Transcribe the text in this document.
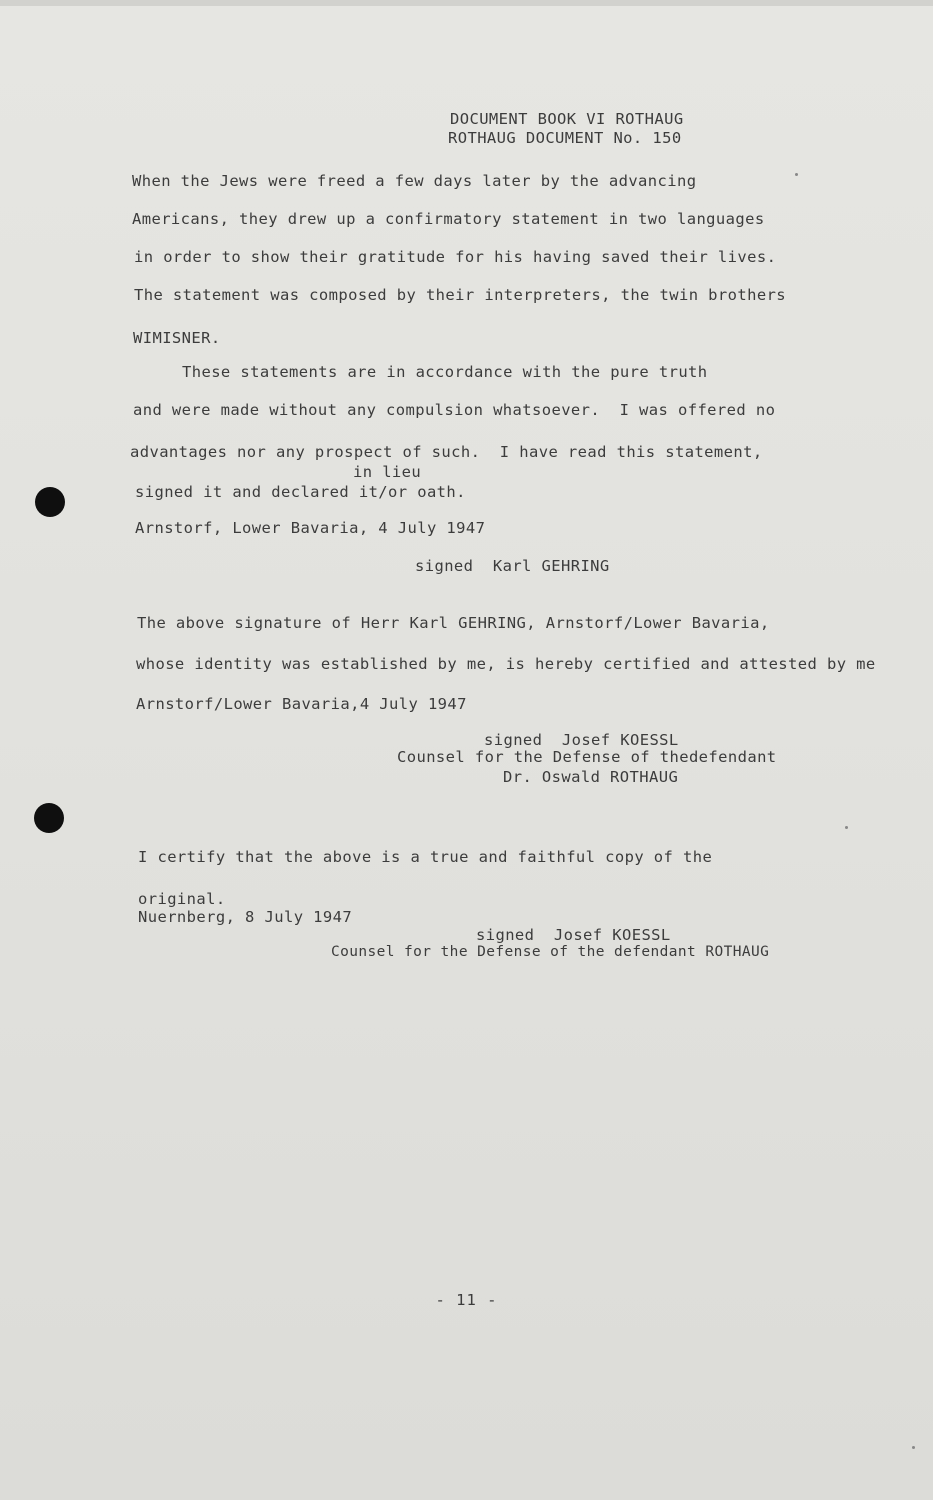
DOCUMENT BOOK VI ROTHAUG
ROTHAUG DOCUMENT No. 150
When the Jews were freed a few days later by the advancing
Americans, they drew up a confirmatory statement in two languages
in order to show their gratitude for his having saved their lives.
The statement was composed by their interpreters, the twin brothers
WIMISNER.
These statements are in accordance with the pure truth
and were made without any compulsion whatsoever.  I was offered no
advantages nor any prospect of such.  I have read this statement,
in lieu
signed it and declared it/or oath.
Arnstorf, Lower Bavaria, 4 July 1947
signed  Karl GEHRING
The above signature of Herr Karl GEHRING, Arnstorf/Lower Bavaria,
whose identity was established by me, is hereby certified and attested by me
Arnstorf/Lower Bavaria,4 July 1947
signed  Josef KOESSL
Counsel for the Defense of thedefendant
Dr. Oswald ROTHAUG
I certify that the above is a true and faithful copy of the
original.
Nuernberg, 8 July 1947
signed  Josef KOESSL
Counsel for the Defense of the defendant ROTHAUG
- 11 -
